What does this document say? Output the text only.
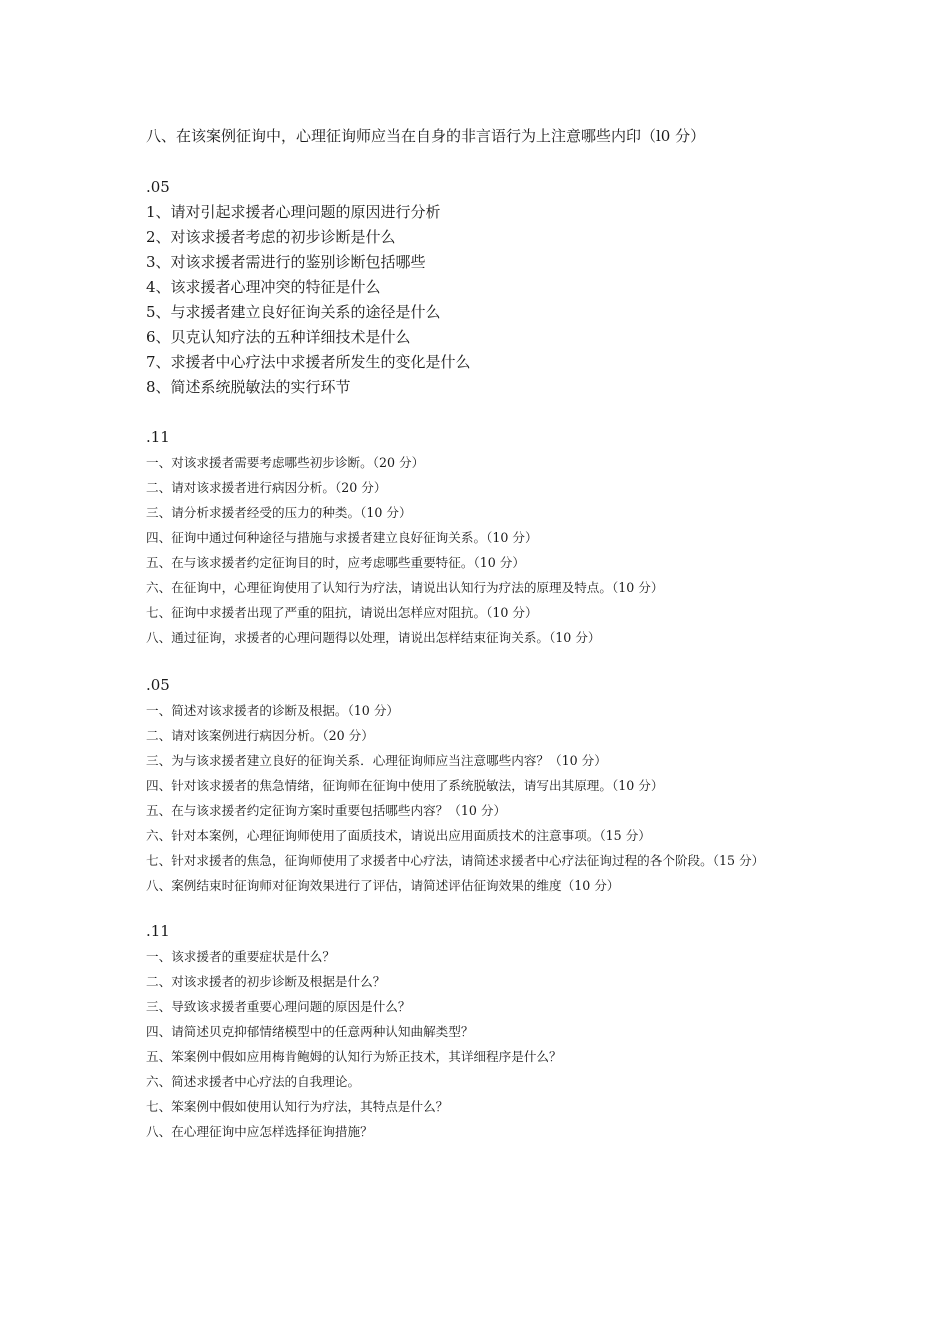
八、在该案例征询中，心理征询师应当在自身的非言语行为上注意哪些内印（l0 分）

.05

1、请对引起求援者心理问题的原因进行分析

2、对该求援者考虑的初步诊断是什么

3、对该求援者需进行的鉴别诊断包括哪些

4、该求援者心理冲突的特征是什么

5、与求援者建立良好征询关系的途径是什么

6、贝克认知疗法的五种详细技术是什么

7、求援者中心疗法中求援者所发生的变化是什么

8、简述系统脱敏法的实行环节

.11

一、对该求援者需要考虑哪些初步诊断。（20 分）

二、请对该求援者进行病因分析。（20 分）

三、请分析求援者经受的压力的种类。（10 分）

四、征询中通过何种途径与措施与求援者建立良好征询关系。（10 分）

五、在与该求援者约定征询目的时，应考虑哪些重要特征。（10 分）

六、在征询中，心理征询使用了认知行为疗法，请说出认知行为疗法的原理及特点。（10 分）

七、征询中求援者出现了严重的阻抗，请说出怎样应对阻抗。（10 分）

八、通过征询，求援者的心理问题得以处理，请说出怎样结束征询关系。（10 分）

.05

一、简述对该求援者的诊断及根据。（10 分）

二、请对该案例进行病因分析。（20 分）

三、为与该求援者建立良好的征询关系．心理征询师应当注意哪些内容？（10 分）

四、针对该求援者的焦急情绪，征询师在征询中使用了系统脱敏法，请写出其原理。（10 分）

五、在与该求援者约定征询方案时重要包括哪些内容？（10 分）

六、针对本案例，心理征询师使用了面质技术，请说出应用面质技术的注意事项。（15 分）

七、针对求援者的焦急，征询师使用了求援者中心疗法，请简述求援者中心疗法征询过程的各个阶段。（15 分）

八、案例结束时征询师对征询效果进行了评估，请简述评估征询效果的维度（10 分）

.11

一、该求援者的重要症状是什么？

二、对该求援者的初步诊断及根据是什么？

三、导致该求援者重要心理问题的原因是什么？

四、请简述贝克抑郁情绪模型中的任意两种认知曲解类型？

五、笨案例中假如应用梅肯鲍姆的认知行为矫正技术，其详细程序是什么？

六、简述求援者中心疗法的自我理论。

七、笨案例中假如使用认知行为疗法，其特点是什么？

八、在心理征询中应怎样选择征询措施？
